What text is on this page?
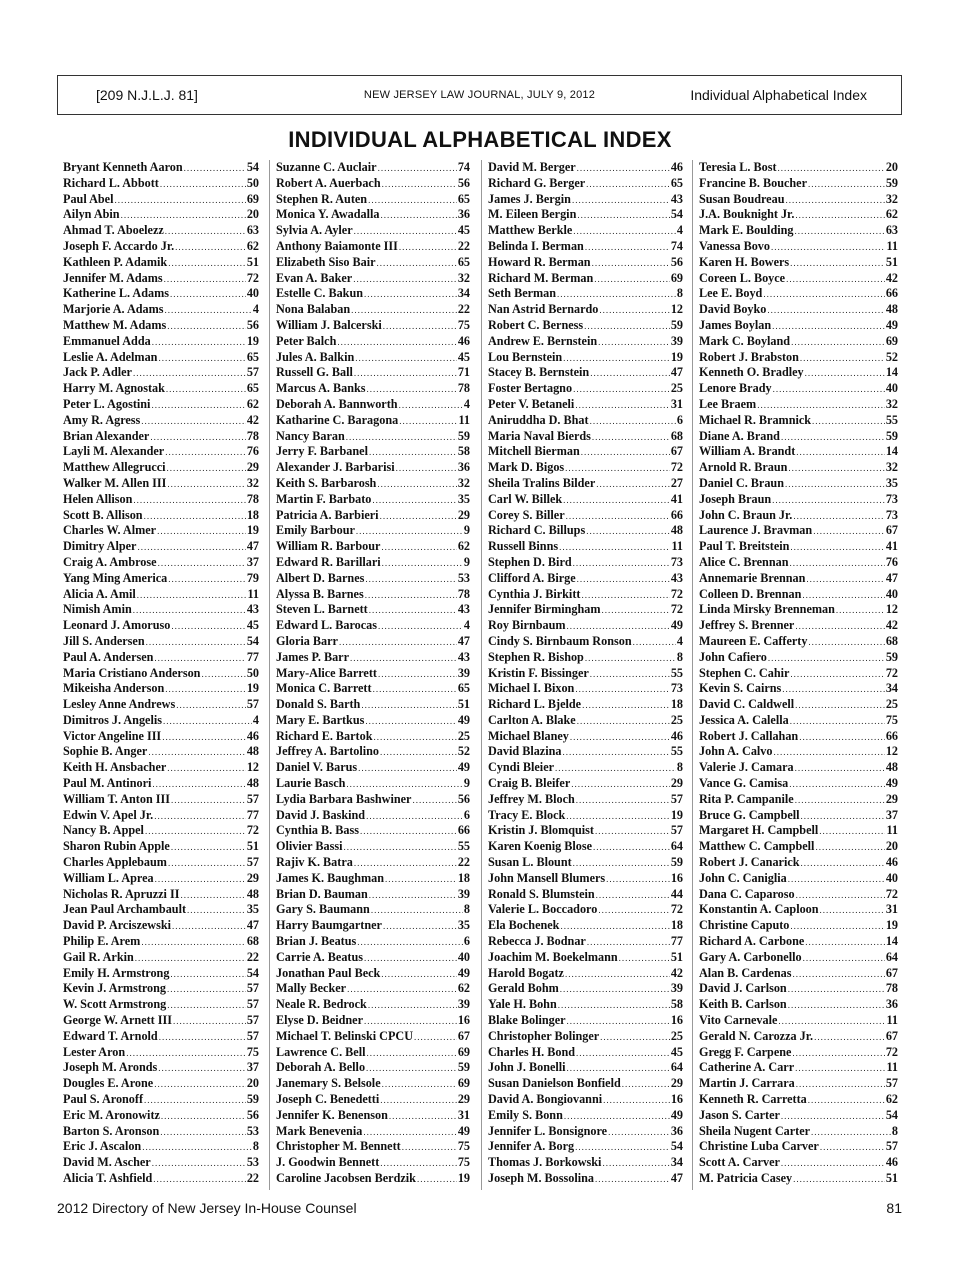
[209 N.J.L.J. 81]	NEW JERSEY LAW JOURNAL, JULY 9, 2012	Individual Alphabetical Index
INDIVIDUAL ALPHABETICAL INDEX
Bryant Kenneth Aaron .....	54
Richard L. Abbott .....	50
Paul Abel .....	69
Ailyn Abin .....	20
Ahmad T. Aboelezz .....	63
Joseph F. Accardo Jr. .....	62
Kathleen P. Adamik .....	51
Jennifer M. Adams .....	72
Katherine L. Adams .....	40
Marjorie A. Adams .....	4
Matthew M. Adams .....	56
Emmanuel Adda .....	19
Leslie A. Adelman .....	65
Jack P. Adler .....	57
Harry M. Agnostak .....	65
Peter L. Agostini .....	62
Amy R. Agress .....	42
Brian Alexander .....	78
Layli M. Alexander .....	76
Matthew Allegrucci .....	29
Walker M. Allen III .....	32
Helen Allison .....	78
Scott B. Allison .....	18
Charles W. Almer .....	19
Dimitry Alper .....	47
Craig A. Ambrose .....	37
Yang Ming America .....	79
Alicia A. Amil .....	11
Nimish Amin .....	43
Leonard J. Amoruso .....	45
Jill S. Andersen .....	54
Paul A. Andersen .....	77
Maria Cristiano Anderson .....	50
Mikeisha Anderson .....	19
Lesley Anne Andrews .....	57
Dimitros J. Angelis .....	4
Victor Angeline III .....	46
Sophie B. Anger .....	48
Keith H. Ansbacher .....	12
Paul M. Antinori .....	48
William T. Anton III .....	57
Edwin V. Apel Jr. .....	77
Nancy B. Appel .....	72
Sharon Rubin Apple .....	51
Charles Applebaum .....	57
William L. Aprea .....	29
Nicholas R. Apruzzi II .....	48
Jean Paul Archambault .....	35
David P. Arciszewski .....	47
Philip E. Arem .....	68
Gail R. Arkin .....	22
Emily H. Armstrong .....	54
Kevin J. Armstrong .....	57
W. Scott Armstrong .....	57
George W. Arnett III .....	57
Edward T. Arnold .....	57
Lester Aron .....	75
Joseph M. Aronds .....	37
Dougles E. Arone .....	20
Paul S. Aronoff .....	59
Eric M. Aronowitz .....	56
Barton S. Aronson .....	53
Eric J. Ascalon .....	8
David M. Ascher .....	53
Alicia T. Ashfield .....	22
Suzanne C. Auclair .....	74
Robert A. Auerbach .....	56
Stephen R. Auten .....	65
Monica Y. Awadalla .....	36
Sylvia A. Ayler .....	45
Anthony Baiamonte III .....	22
Elizabeth Siso Bair .....	65
Evan A. Baker .....	32
Estelle C. Bakun .....	34
Nona Balaban .....	22
William J. Balcerski .....	75
Peter Balch .....	46
Jules A. Balkin .....	45
Russell G. Ball .....	71
Marcus A. Banks .....	78
Deborah A. Bannworth .....	4
Katharine C. Baragona .....	11
Nancy Baran .....	59
Jerry F. Barbanel .....	58
Alexander J. Barbarisi .....	36
Keith S. Barbarosh .....	32
Martin F. Barbato .....	35
Patricia A. Barbieri .....	29
Emily Barbour .....	9
William R. Barbour .....	62
Edward R. Barillari .....	9
Albert D. Barnes .....	53
Alyssa B. Barnes .....	78
Steven L. Barnett .....	43
Edward L. Barocas .....	4
Gloria Barr .....	47
James P. Barr .....	43
Mary-Alice Barrett .....	39
Monica C. Barrett .....	65
Donald S. Barth .....	51
Mary E. Bartkus .....	49
Richard E. Bartok .....	25
Jeffrey A. Bartolino .....	52
Daniel V. Barus .....	49
Laurie Basch .....	9
Lydia Barbara Bashwiner .....	56
David J. Baskind .....	6
Cynthia B. Bass .....	66
Olivier Bassi .....	55
Rajiv K. Batra .....	22
James K. Baughman .....	18
Brian D. Bauman .....	39
Gary S. Baumann .....	8
Harry Baumgartner .....	35
Brian J. Beatus .....	6
Carrie A. Beatus .....	40
Jonathan Paul Beck .....	49
Mally Becker .....	62
Neale R. Bedrock .....	39
Elyse D. Beidner .....	16
Michael T. Belinski CPCU .....	67
Lawrence C. Bell .....	69
Deborah A. Bello .....	59
Janemary S. Belsole .....	69
Joseph C. Benedetti .....	29
Jennifer K. Benenson .....	31
Mark Benevenia .....	49
Christopher M. Bennett .....	75
J. Goodwin Bennett .....	75
Caroline Jacobsen Berdzik .....	19
David M. Berger .....	46
Richard G. Berger .....	65
James J. Bergin .....	43
M. Eileen Bergin .....	54
Matthew Berkle .....	4
Belinda I. Berman .....	74
Howard R. Berman .....	56
Richard M. Berman .....	69
Seth Berman .....	8
Nan Astrid Bernardo .....	12
Robert C. Berness .....	59
Andrew E. Bernstein .....	39
Lou Bernstein .....	19
Stacey B. Bernstein .....	47
Foster Bertagno .....	25
Peter V. Betaneli .....	31
Aniruddha D. Bhat .....	6
Maria Naval Bierds .....	68
Mitchell Bierman .....	67
Mark D. Bigos .....	72
Sheila Tralins Bilder .....	27
Carl W. Billek .....	41
Corey S. Biller .....	66
Richard C. Billups .....	48
Russell Binns .....	11
Stephen D. Bird .....	73
Clifford A. Birge .....	43
Cynthia J. Birkitt .....	72
Jennifer Birmingham .....	72
Roy Birnbaum .....	49
Cindy S. Birnbaum Ronson .....	4
Stephen R. Bishop .....	8
Kristin F. Bissinger .....	55
Michael I. Bixon .....	73
Richard L. Bjelde .....	18
Carlton A. Blake .....	25
Michael Blaney .....	46
David Blazina .....	55
Cyndi Bleier .....	8
Craig B. Bleifer .....	29
Jeffrey M. Bloch .....	57
Tracy E. Block .....	19
Kristin J. Blomquist .....	57
Karen Koenig Blose .....	64
Susan L. Blount .....	59
John Mansell Blumers .....	16
Ronald S. Blumstein .....	44
Valerie L. Boccadoro .....	72
Ela Bochenek .....	18
Rebecca J. Bodnar .....	77
Joachim M. Boekelmann .....	51
Harold Bogatz .....	42
Gerald Bohm .....	39
Yale H. Bohn .....	58
Blake Bolinger .....	16
Christopher Bolinger .....	25
Charles H. Bond .....	45
John J. Bonelli .....	64
Susan Danielson Bonfield .....	29
David A. Bongiovanni .....	16
Emily S. Bonn .....	49
Jennifer L. Bonsignore .....	36
Jennifer A. Borg .....	54
Thomas J. Borkowski .....	34
Joseph M. Bossolina .....	47
Teresia L. Bost .....	20
Francine B. Boucher .....	59
Susan Boudreau .....	32
J.A. Bouknight Jr. .....	62
Mark E. Boulding .....	63
Vanessa Bovo .....	11
Karen H. Bowers .....	51
Coreen L. Boyce .....	42
Lee E. Boyd .....	66
David Boyko .....	48
James Boylan .....	49
Mark C. Boyland .....	69
Robert J. Brabston .....	52
Kenneth O. Bradley .....	14
Lenore Brady .....	40
Lee Braem .....	32
Michael R. Bramnick .....	55
Diane A. Brand .....	59
William A. Brandt .....	14
Arnold R. Braun .....	32
Daniel C. Braun .....	35
Joseph Braun .....	73
John C. Braun Jr. .....	73
Laurence J. Bravman .....	67
Paul T. Breitstein .....	41
Alice C. Brennan .....	76
Annemarie Brennan .....	47
Colleen D. Brennan .....	40
Linda Mirsky Brenneman .....	12
Jeffrey S. Brenner .....	42
Maureen E. Cafferty .....	68
John Cafiero .....	59
Stephen C. Cahir .....	72
Kevin S. Cairns .....	34
David C. Caldwell .....	25
Jessica A. Calella .....	75
Robert J. Callahan .....	66
John A. Calvo .....	12
Valerie J. Camara .....	48
Vance G. Camisa .....	49
Rita P. Campanile .....	29
Bruce G. Campbell .....	37
Margaret H. Campbell .....	11
Matthew C. Campbell .....	20
Robert J. Canarick .....	46
John C. Caniglia .....	40
Dana C. Caparoso .....	72
Konstantin A. Caploon .....	31
Christine Caputo .....	19
Richard A. Carbone .....	14
Gary A. Carbonello .....	64
Alan B. Cardenas .....	67
David J. Carlson .....	78
Keith B. Carlson .....	36
Vito Carnevale .....	11
Gerald N. Carozza Jr. .....	67
Gregg F. Carpene .....	72
Catherine A. Carr .....	11
Martin J. Carrara .....	57
Kenneth R. Carretta .....	62
Jason S. Carter .....	54
Sheila Nugent Carter .....	8
Christine Luba Carver .....	57
Scott A. Carver .....	46
M. Patricia Casey .....	51
2012 Directory of New Jersey In-House Counsel	81
